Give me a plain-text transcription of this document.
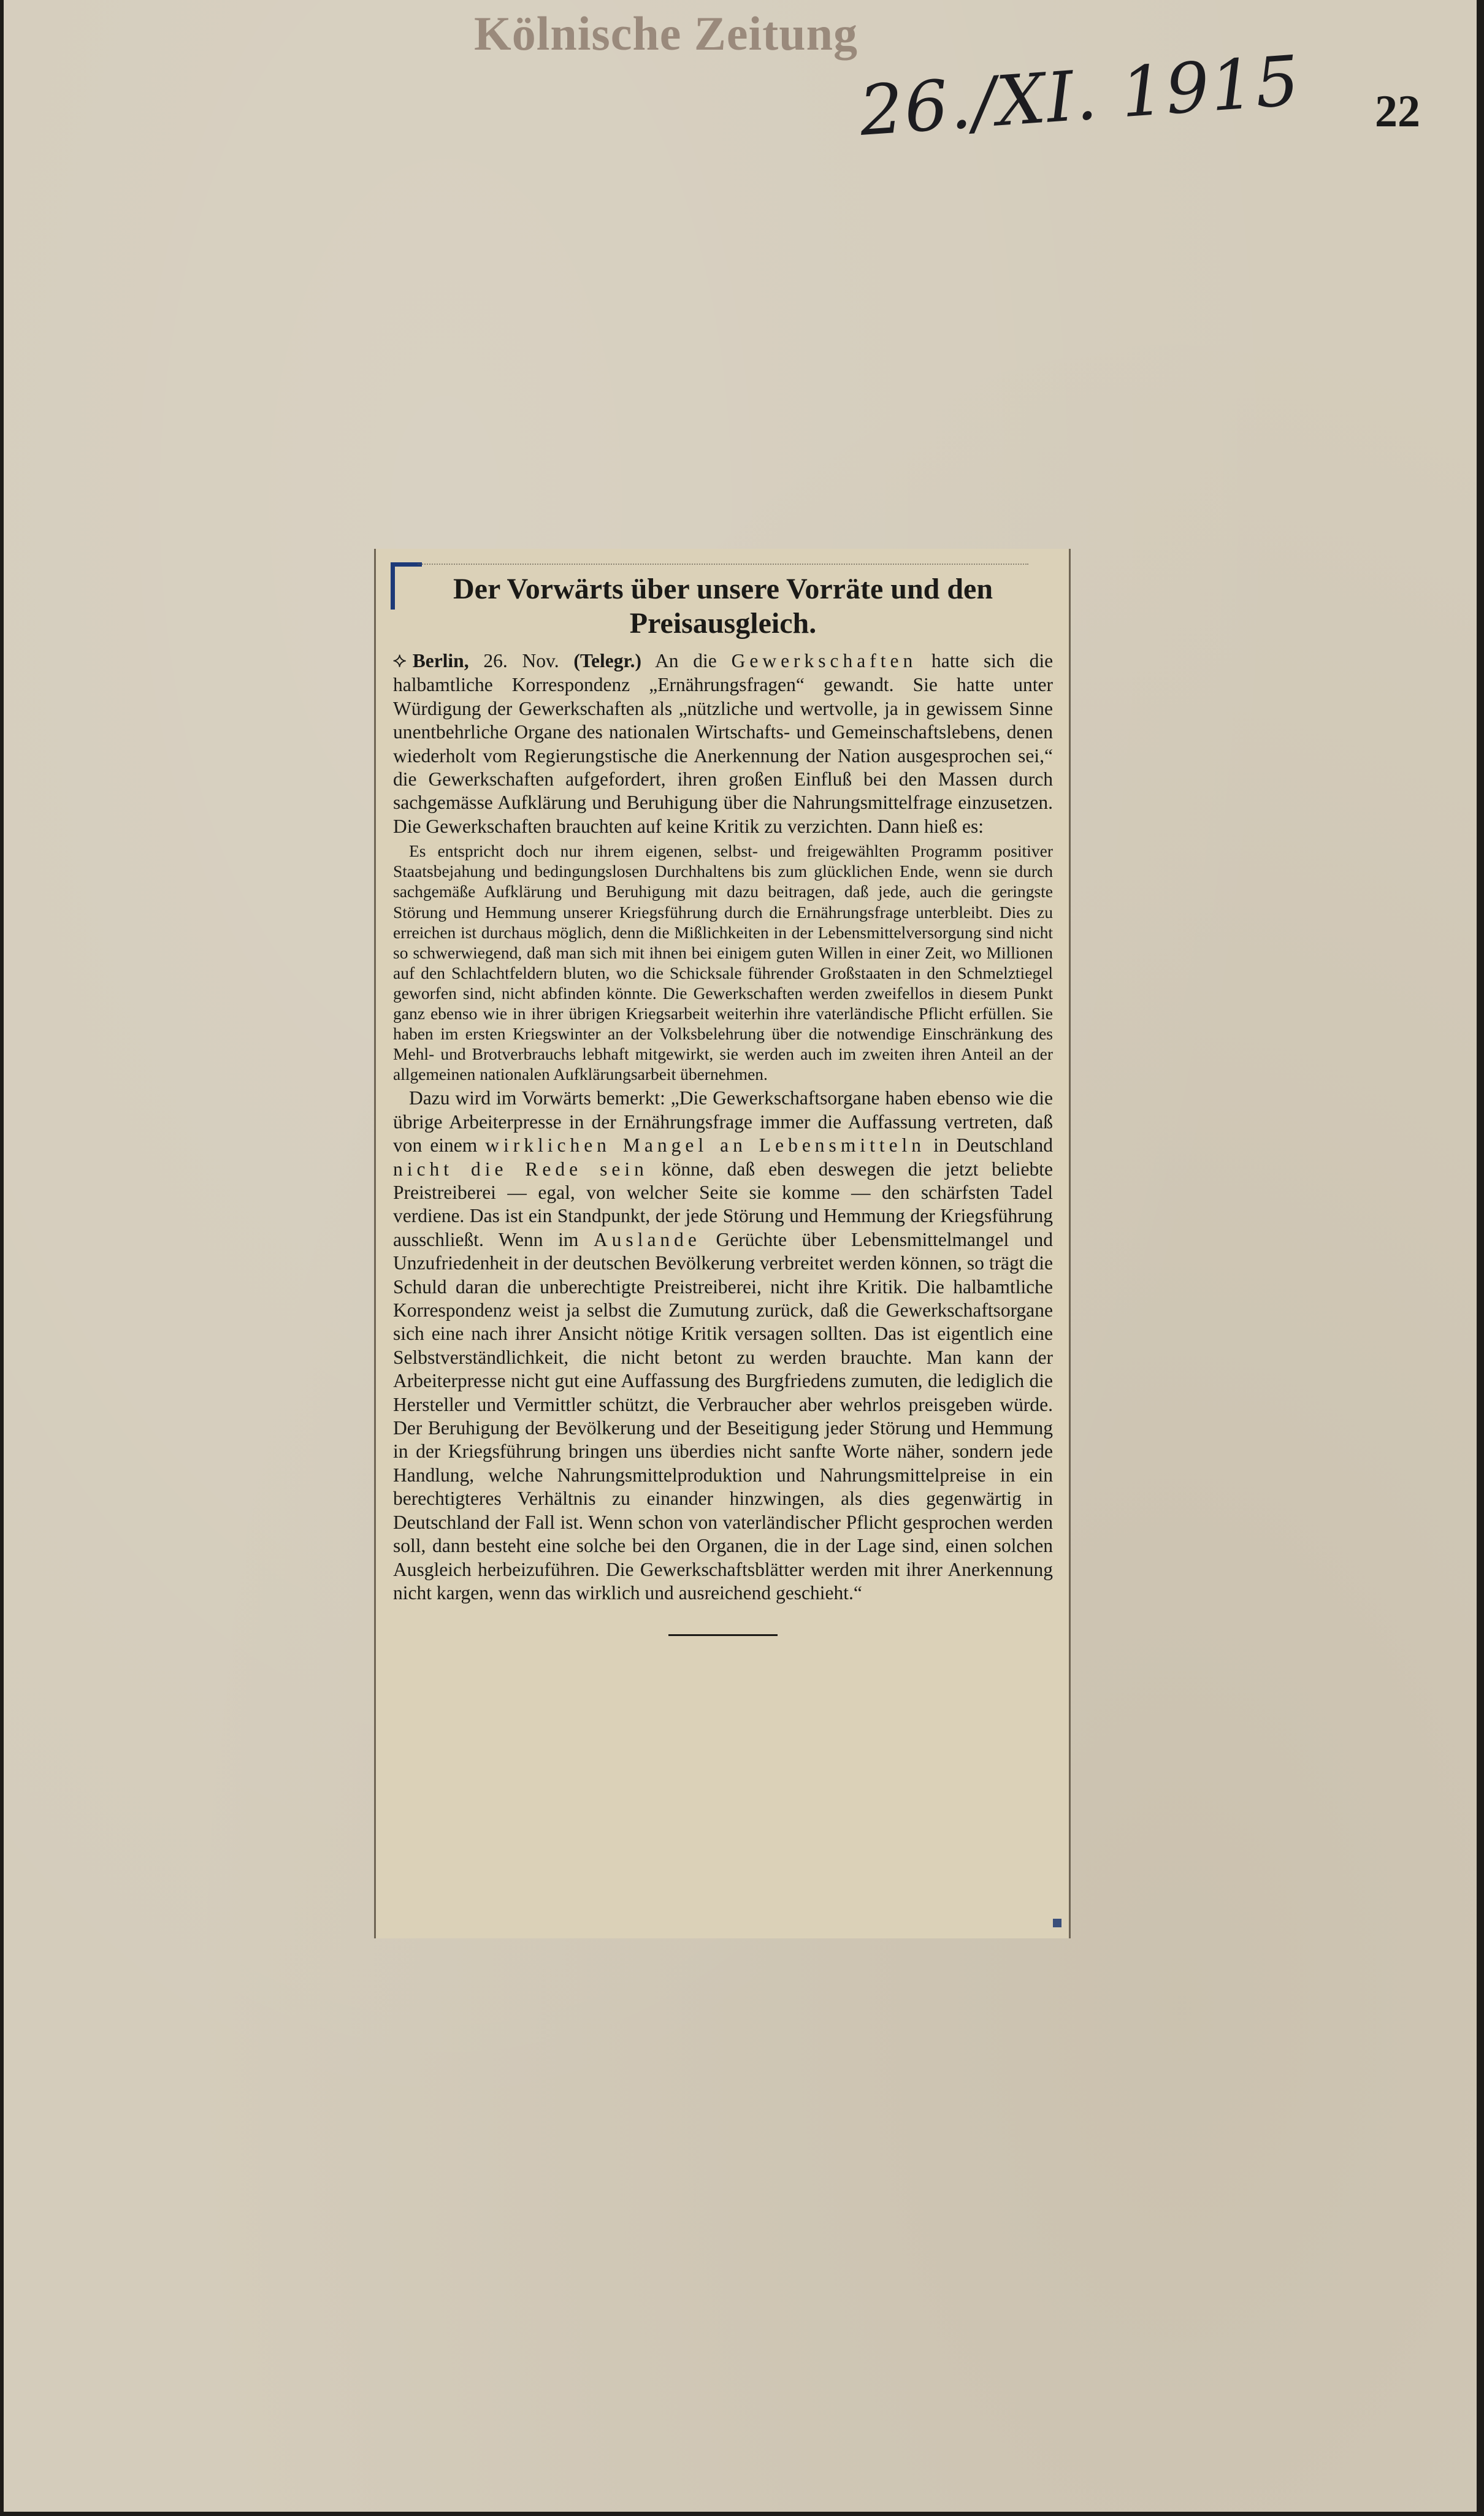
Kölnische Zeitung
26./XI. 1915 22
Der Vorwärts über unsere Vorräte und den Preisausgleich.

⯎ Berlin, 26. Nov. (Telegr.) An die Gewerkschaften hatte sich die halbamtliche Korrespondenz „Ernährungsfragen“ gewandt. Sie hatte unter Würdigung der Gewerkschaften als „nützliche und wertvolle, ja in gewissem Sinne unentbehrliche Organe des nationalen Wirtschafts- und Gemeinschaftslebens, denen wiederholt vom Regierungstische die Anerkennung der Nation ausgesprochen sei,“ die Gewerkschaften aufgefordert, ihren großen Einfluß bei den Massen durch sachgemässe Aufklärung und Beruhigung über die Nahrungsmittelfrage einzusetzen. Die Gewerkschaften brauchten auf keine Kritik zu verzichten. Dann hieß es:

Es entspricht doch nur ihrem eigenen, selbst- und freigewählten Programm positiver Staatsbejahung und bedingungslosen Durchhaltens bis zum glücklichen Ende, wenn sie durch sachgemäße Aufklärung und Beruhigung mit dazu beitragen, daß jede, auch die geringste Störung und Hemmung unserer Kriegsführung durch die Ernährungsfrage unterbleibt. Dies zu erreichen ist durchaus möglich, denn die Mißlichkeiten in der Lebensmittelversorgung sind nicht so schwerwiegend, daß man sich mit ihnen bei einigem guten Willen in einer Zeit, wo Millionen auf den Schlachtfeldern bluten, wo die Schicksale führender Großstaaten in den Schmelztiegel geworfen sind, nicht abfinden könnte. Die Gewerkschaften werden zweifellos in diesem Punkt ganz ebenso wie in ihrer übrigen Kriegsarbeit weiterhin ihre vaterländische Pflicht erfüllen. Sie haben im ersten Kriegswinter an der Volksbelehrung über die notwendige Einschränkung des Mehl- und Brotverbrauchs lebhaft mitgewirkt, sie werden auch im zweiten ihren Anteil an der allgemeinen nationalen Aufklärungsarbeit übernehmen.

Dazu wird im Vorwärts bemerkt: „Die Gewerkschaftsorgane haben ebenso wie die übrige Arbeiterpresse in der Ernährungsfrage immer die Auffassung vertreten, daß von einem wirklichen Mangel an Lebensmitteln in Deutschland nicht die Rede sein könne, daß eben deswegen die jetzt beliebte Preistreiberei — egal, von welcher Seite sie komme — den schärfsten Tadel verdiene. Das ist ein Standpunkt, der jede Störung und Hemmung der Kriegsführung ausschließt. Wenn im Auslande Gerüchte über Lebensmittelmangel und Unzufriedenheit in der deutschen Bevölkerung verbreitet werden können, so trägt die Schuld daran die unberechtigte Preistreiberei, nicht ihre Kritik. Die halbamtliche Korrespondenz weist ja selbst die Zumutung zurück, daß die Gewerkschaftsorgane sich eine nach ihrer Ansicht nötige Kritik versagen sollten. Das ist eigentlich eine Selbstverständlichkeit, die nicht betont zu werden brauchte. Man kann der Arbeiterpresse nicht gut eine Auffassung des Burgfriedens zumuten, die lediglich die Hersteller und Vermittler schützt, die Verbraucher aber wehrlos preisgeben würde. Der Beruhigung der Bevölkerung und der Beseitigung jeder Störung und Hemmung in der Kriegsführung bringen uns überdies nicht sanfte Worte näher, sondern jede Handlung, welche Nahrungsmittelproduktion und Nahrungsmittelpreise in ein berechtigteres Verhältnis zu einander hinzwingen, als dies gegenwärtig in Deutschland der Fall ist. Wenn schon von vaterländischer Pflicht gesprochen werden soll, dann besteht eine solche bei den Organen, die in der Lage sind, einen solchen Ausgleich herbeizuführen. Die Gewerkschaftsblätter werden mit ihrer Anerkennung nicht kargen, wenn das wirklich und ausreichend geschieht.“
